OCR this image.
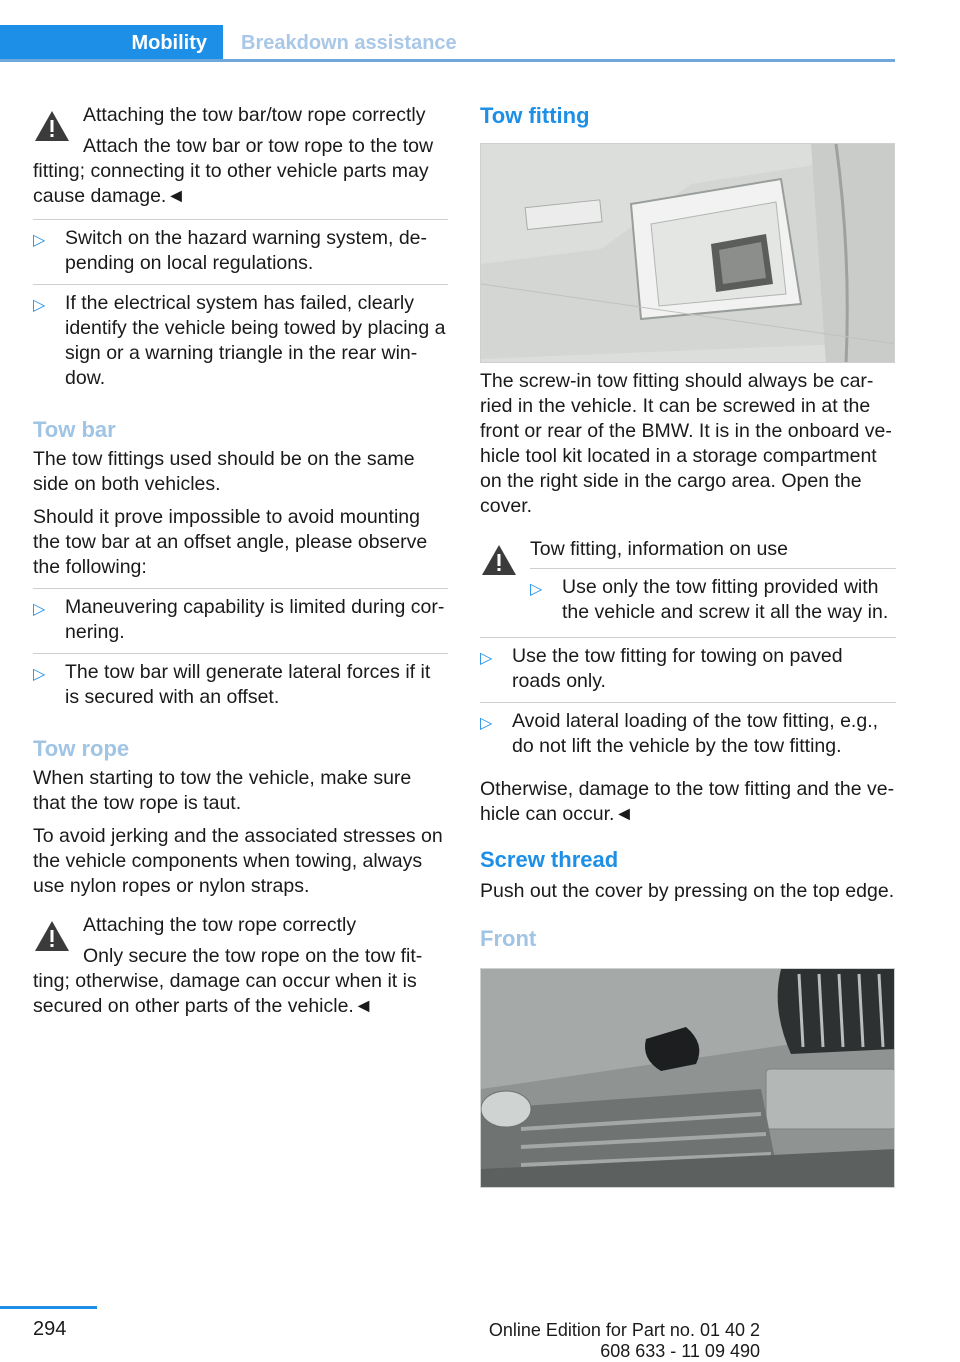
Mobility	Breakdown assistance
Attaching the tow bar/tow rope correctly
Attach the tow bar or tow rope to the tow fitting; connecting it to other vehicle parts may cause damage.◄
▷ Switch on the hazard warning system, depending on local regulations.
▷ If the electrical system has failed, clearly identify the vehicle being towed by placing a sign or a warning triangle in the rear window.
Tow bar

The tow fittings used should be on the same side on both vehicles.

Should it prove impossible to avoid mounting the tow bar at an offset angle, please observe the following:

▷ Maneuvering capability is limited during cornering.
▷ The tow bar will generate lateral forces if it is secured with an offset.
Tow rope

When starting to tow the vehicle, make sure that the tow rope is taut.

To avoid jerking and the associated stresses on the vehicle components when towing, always use nylon ropes or nylon straps.

Attaching the tow rope correctly
Only secure the tow rope on the tow fitting; otherwise, damage can occur when it is secured on other parts of the vehicle.◄
Tow fitting

The screw-in tow fitting should always be carried in the vehicle. It can be screwed in at the front or rear of the BMW. It is in the onboard vehicle tool kit located in a storage compartment on the right side in the cargo area. Open the cover.

Tow fitting, information on use
▷ Use only the tow fitting provided with the vehicle and screw it all the way in.
▷ Use the tow fitting for towing on paved roads only.
▷ Avoid lateral loading of the tow fitting, e.g., do not lift the vehicle by the tow fitting.

Otherwise, damage to the tow fitting and the vehicle can occur.◄

Screw thread

Push out the cover by pressing on the top edge.

Front
294	Online Edition for Part no. 01 40 2 608 633 - 11 09 490
